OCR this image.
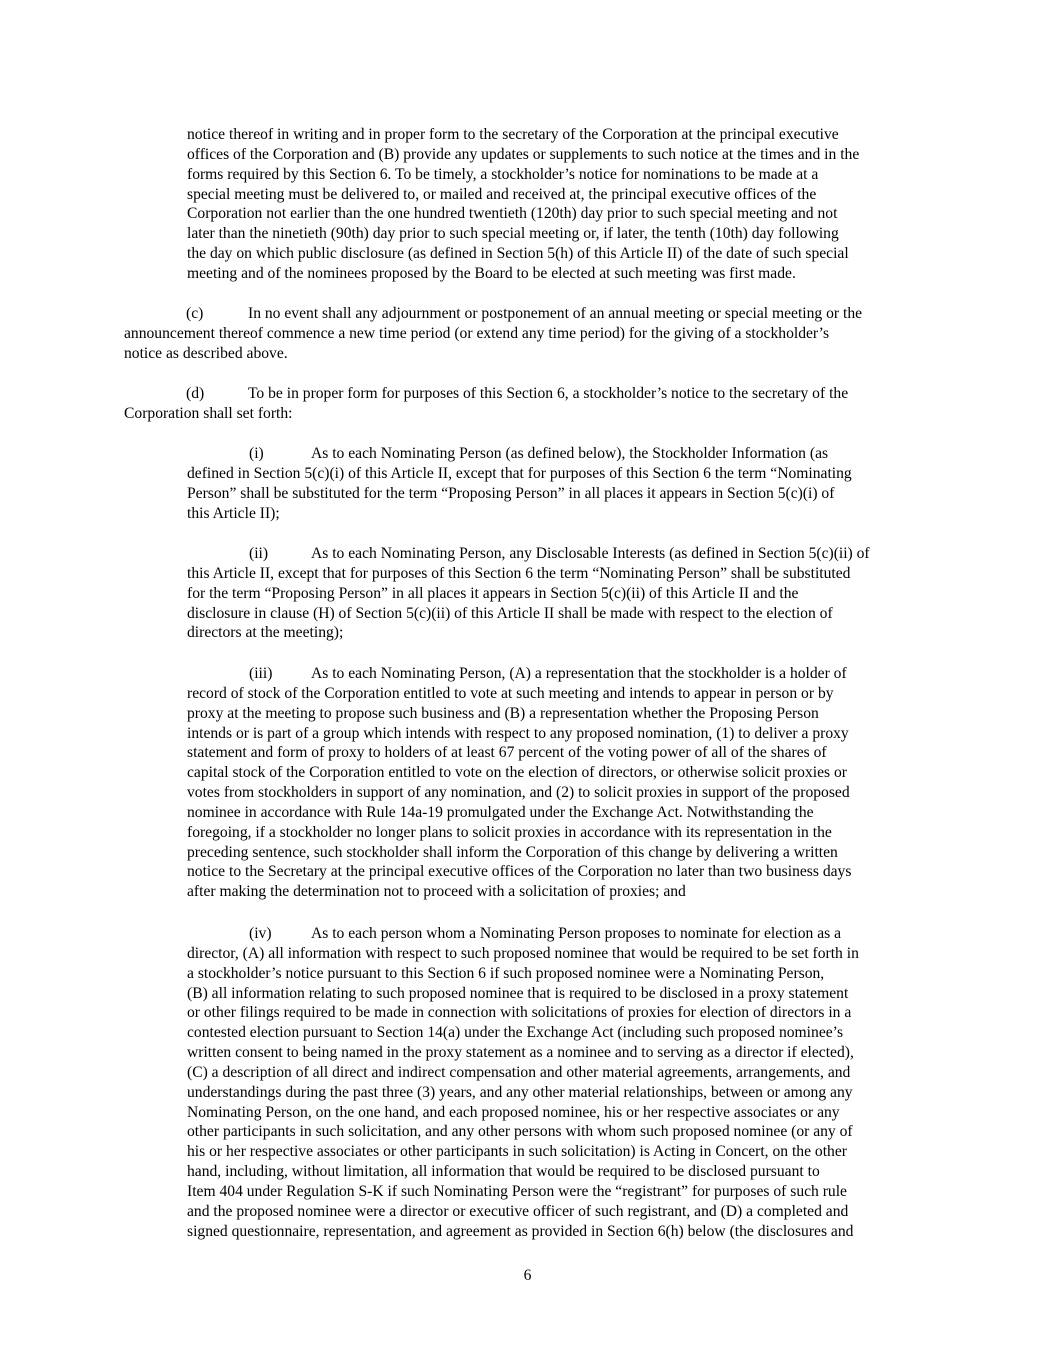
notice thereof in writing and in proper form to the secretary of the Corporation at the principal executive
offices of the Corporation and (B) provide any updates or supplements to such notice at the times and in the
forms required by this Section 6. To be timely, a stockholder’s notice for nominations to be made at a
special meeting must be delivered to, or mailed and received at, the principal executive offices of the
Corporation not earlier than the one hundred twentieth (120th) day prior to such special meeting and not
later than the ninetieth (90th) day prior to such special meeting or, if later, the tenth (10th) day following
the day on which public disclosure (as defined in Section 5(h) of this Article II) of the date of such special
meeting and of the nominees proposed by the Board to be elected at such meeting was first made.
(c)	In no event shall any adjournment or postponement of an annual meeting or special meeting or the
announcement thereof commence a new time period (or extend any time period) for the giving of a stockholder’s
notice as described above.
(d)	To be in proper form for purposes of this Section 6, a stockholder’s notice to the secretary of the
Corporation shall set forth:
(i)	As to each Nominating Person (as defined below), the Stockholder Information (as
defined in Section 5(c)(i) of this Article II, except that for purposes of this Section 6 the term “Nominating
Person” shall be substituted for the term “Proposing Person” in all places it appears in Section 5(c)(i) of
this Article II);
(ii)	As to each Nominating Person, any Disclosable Interests (as defined in Section 5(c)(ii) of
this Article II, except that for purposes of this Section 6 the term “Nominating Person” shall be substituted
for the term “Proposing Person” in all places it appears in Section 5(c)(ii) of this Article II and the
disclosure in clause (H) of Section 5(c)(ii) of this Article II shall be made with respect to the election of
directors at the meeting);
(iii) As to each Nominating Person, (A) a representation that the stockholder is a holder of
record of stock of the Corporation entitled to vote at such meeting and intends to appear in person or by
proxy at the meeting to propose such business and (B) a representation whether the Proposing Person
intends or is part of a group which intends with respect to any proposed nomination, (1) to deliver a proxy
statement and form of proxy to holders of at least 67 percent of the voting power of all of the shares of
capital stock of the Corporation entitled to vote on the election of directors, or otherwise solicit proxies or
votes from stockholders in support of any nomination, and (2) to solicit proxies in support of the proposed
nominee in accordance with Rule 14a-19 promulgated under the Exchange Act. Notwithstanding the
foregoing, if a stockholder no longer plans to solicit proxies in accordance with its representation in the
preceding sentence, such stockholder shall inform the Corporation of this change by delivering a written
notice to the Secretary at the principal executive offices of the Corporation no later than two business days
after making the determination not to proceed with a solicitation of proxies; and
(iv)	As to each person whom a Nominating Person proposes to nominate for election as a
director, (A) all information with respect to such proposed nominee that would be required to be set forth in
a stockholder’s notice pursuant to this Section 6 if such proposed nominee were a Nominating Person,
(B) all information relating to such proposed nominee that is required to be disclosed in a proxy statement
or other filings required to be made in connection with solicitations of proxies for election of directors in a
contested election pursuant to Section 14(a) under the Exchange Act (including such proposed nominee’s
written consent to being named in the proxy statement as a nominee and to serving as a director if elected),
(C) a description of all direct and indirect compensation and other material agreements, arrangements, and
understandings during the past three (3) years, and any other material relationships, between or among any
Nominating Person, on the one hand, and each proposed nominee, his or her respective associates or any
other participants in such solicitation, and any other persons with whom such proposed nominee (or any of
his or her respective associates or other participants in such solicitation) is Acting in Concert, on the other
hand, including, without limitation, all information that would be required to be disclosed pursuant to
Item 404 under Regulation S-K if such Nominating Person were the “registrant” for purposes of such rule
and the proposed nominee were a director or executive officer of such registrant, and (D) a completed and
signed questionnaire, representation, and agreement as provided in Section 6(h) below (the disclosures and
6
